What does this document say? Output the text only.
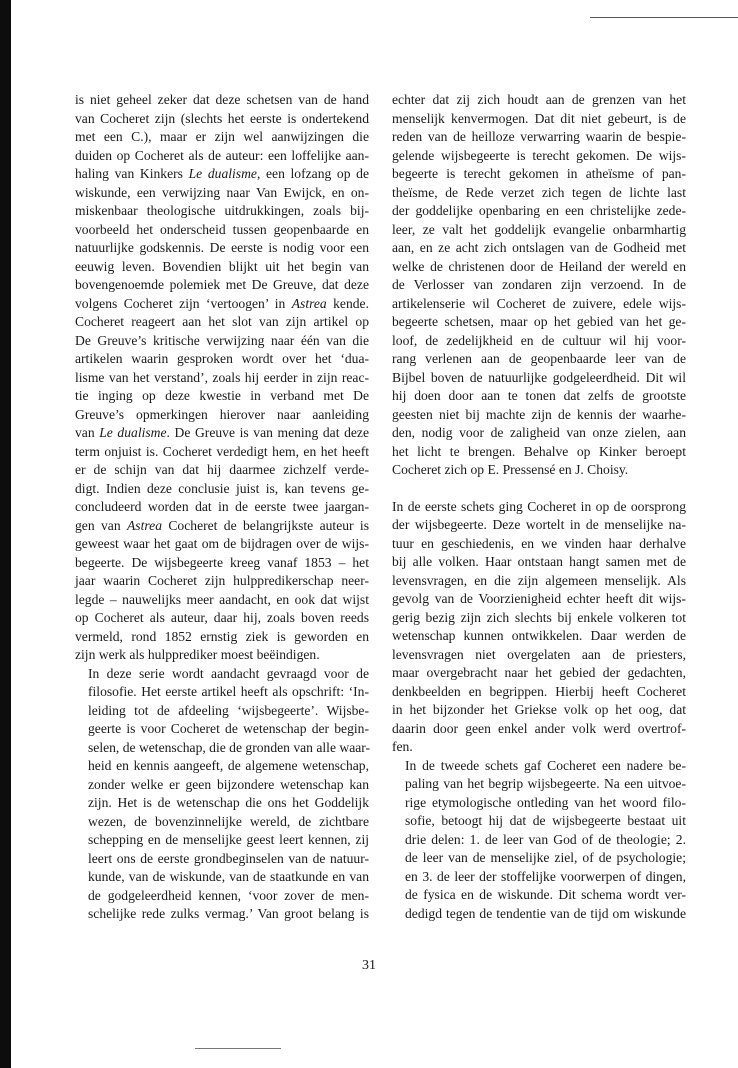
is niet geheel zeker dat deze schetsen van de hand
van Cocheret zijn (slechts het eerste is ondertekend
met een C.), maar er zijn wel aanwijzingen die
duiden op Cocheret als de auteur: een loffelijke aan-
haling van Kinkers Le dualisme, een lofzang op de
wiskunde, een verwijzing naar Van Ewijck, en on-
miskenbaar theologische uitdrukkingen, zoals bij-
voorbeeld het onderscheid tussen geopenbaarde en
natuurlijke godskennis. De eerste is nodig voor een
eeuwig leven. Bovendien blijkt uit het begin van
bovengenoemde polemiek met De Greuve, dat deze
volgens Cocheret zijn ‘vertoogen’ in Astrea kende.
Cocheret reageert aan het slot van zijn artikel op
De Greuve’s kritische verwijzing naar één van die
artikelen waarin gesproken wordt over het ‘dua-
lisme van het verstand’, zoals hij eerder in zijn reac-
tie inging op deze kwestie in verband met De
Greuve’s opmerkingen hierover naar aanleiding
van Le dualisme. De Greuve is van mening dat deze
term onjuist is. Cocheret verdedigt hem, en het heeft
er de schijn van dat hij daarmee zichzelf verde-
digt. Indien deze conclusie juist is, kan tevens ge-
concludeerd worden dat in de eerste twee jaargan-
gen van Astrea Cocheret de belangrijkste auteur is
geweest waar het gaat om de bijdragen over de wijs-
begeerte. De wijsbegeerte kreeg vanaf 1853 – het
jaar waarin Cocheret zijn hulppredikerschap neer-
legde – nauwelijks meer aandacht, en ook dat wijst
op Cocheret als auteur, daar hij, zoals boven reeds
vermeld, rond 1852 ernstig ziek is geworden en
zijn werk als hulpprediker moest beëindigen.

In deze serie wordt aandacht gevraagd voor de
filosofie. Het eerste artikel heeft als opschrift: ‘In-
leiding tot de afdeeling ‘wijsbegeerte’. Wijsbe-
geerte is voor Cocheret de wetenschap der begin-
selen, de wetenschap, die de gronden van alle waar-
heid en kennis aangeeft, de algemene wetenschap,
zonder welke er geen bijzondere wetenschap kan
zijn. Het is de wetenschap die ons het Goddelijk
wezen, de bovenzinnelijke wereld, de zichtbare
schepping en de menselijke geest leert kennen, zij
leert ons de eerste grondbeginselen van de natuur-
kunde, van de wiskunde, van de staatkunde en van
de godgeleerdheid kennen, ‘voor zover de men-
schelijke rede zulks vermag.’ Van groot belang is

echter dat zij zich houdt aan de grenzen van het
menselijk kenvermogen. Dat dit niet gebeurt, is de
reden van de heilloze verwarring waarin de bespie-
gelende wijsbegeerte is terecht gekomen. De wijs-
begeerte is terecht gekomen in atheïsme of pan-
theïsme, de Rede verzet zich tegen de lichte last
der goddelijke openbaring en een christelijke zede-
leer, ze valt het goddelijk evangelie onbarmhartig
aan, en ze acht zich ontslagen van de Godheid met
welke de christenen door de Heiland der wereld en
de Verlosser van zondaren zijn verzoend. In de
artikelenserie wil Cocheret de zuivere, edele wijs-
begeerte schetsen, maar op het gebied van het ge-
loof, de zedelijkheid en de cultuur wil hij voor-
rang verlenen aan de geopenbaarde leer van de
Bijbel boven de natuurlijke godgeleerdheid. Dit wil
hij doen door aan te tonen dat zelfs de grootste
geesten niet bij machte zijn de kennis der waarhe-
den, nodig voor de zaligheid van onze zielen, aan
het licht te brengen. Behalve op Kinker beroept
Cocheret zich op E. Pressensé en J. Choisy.

In de eerste schets ging Cocheret in op de oorsprong
der wijsbegeerte. Deze wortelt in de menselijke na-
tuur en geschiedenis, en we vinden haar derhalve
bij alle volken. Haar ontstaan hangt samen met de
levensvragen, en die zijn algemeen menselijk. Als
gevolg van de Voorzienigheid echter heeft dit wijs-
gerig bezig zijn zich slechts bij enkele volkeren tot
wetenschap kunnen ontwikkelen. Daar werden de
levensvragen niet overgelaten aan de priesters,
maar overgebracht naar het gebied der gedachten,
denkbeelden en begrippen. Hierbij heeft Cocheret
in het bijzonder het Griekse volk op het oog, dat
daarin door geen enkel ander volk werd overtrof-
fen.

In de tweede schets gaf Cocheret een nadere be-
paling van het begrip wijsbegeerte. Na een uitvoe-
rige etymologische ontleding van het woord filo-
sofie, betoogt hij dat de wijsbegeerte bestaat uit
drie delen: 1. de leer van God of de theologie; 2.
de leer van de menselijke ziel, of de psychologie;
en 3. de leer der stoffelijke voorwerpen of dingen,
de fysica en de wiskunde. Dit schema wordt ver-
dedigd tegen de tendentie van de tijd om wiskunde

31
